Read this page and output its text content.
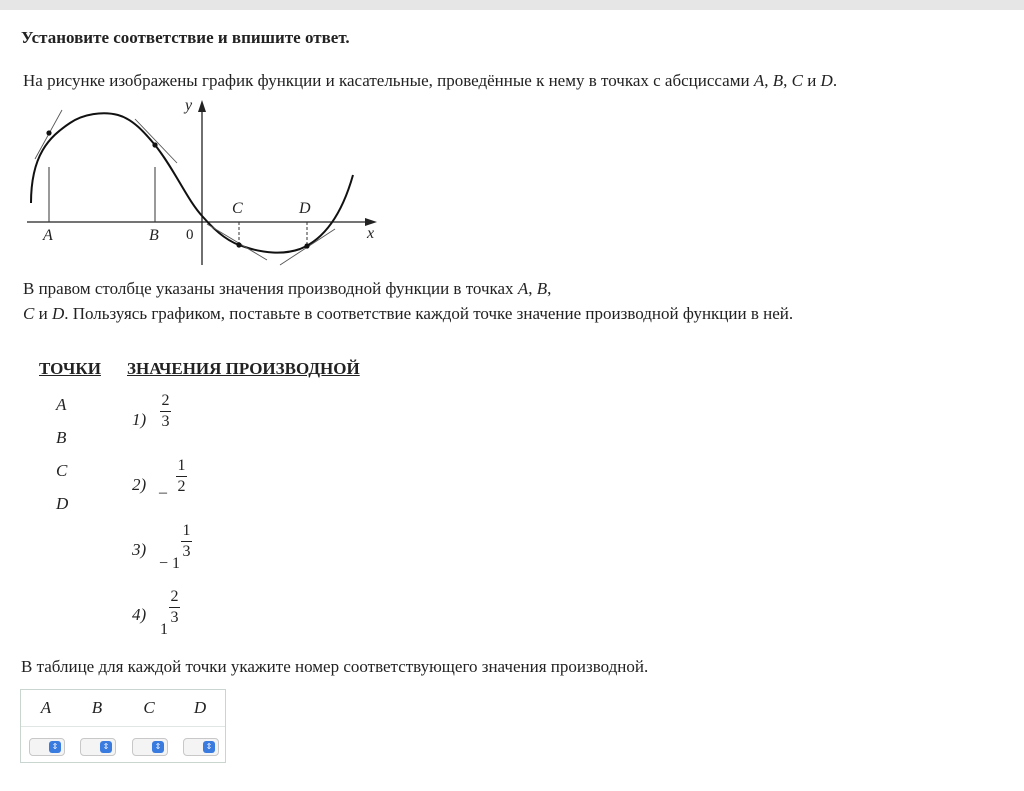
Установите соответствие и впишите ответ.
На рисунке изображены график функции и касательные, проведённые к нему в точках с абсциссами A, B, C и D.
y
x
0
A	B
C	D
В правом столбце указаны значения производной функции в точках A, B,
C и D. Пользуясь графиком, поставьте в соответствие каждой точке значение производной функции в ней.
ТОЧКИ ЗНАЧЕНИЯ ПРОИЗВОДНОЙ
A
B
C
D
1)
2
3
2) –
1
2
3)
− 1
1
3
4)
1
2
3
В таблице для каждой точки укажите номер соответствующего значения производной.
A	B	C	D
⇕	⇕	⇕	⇕
